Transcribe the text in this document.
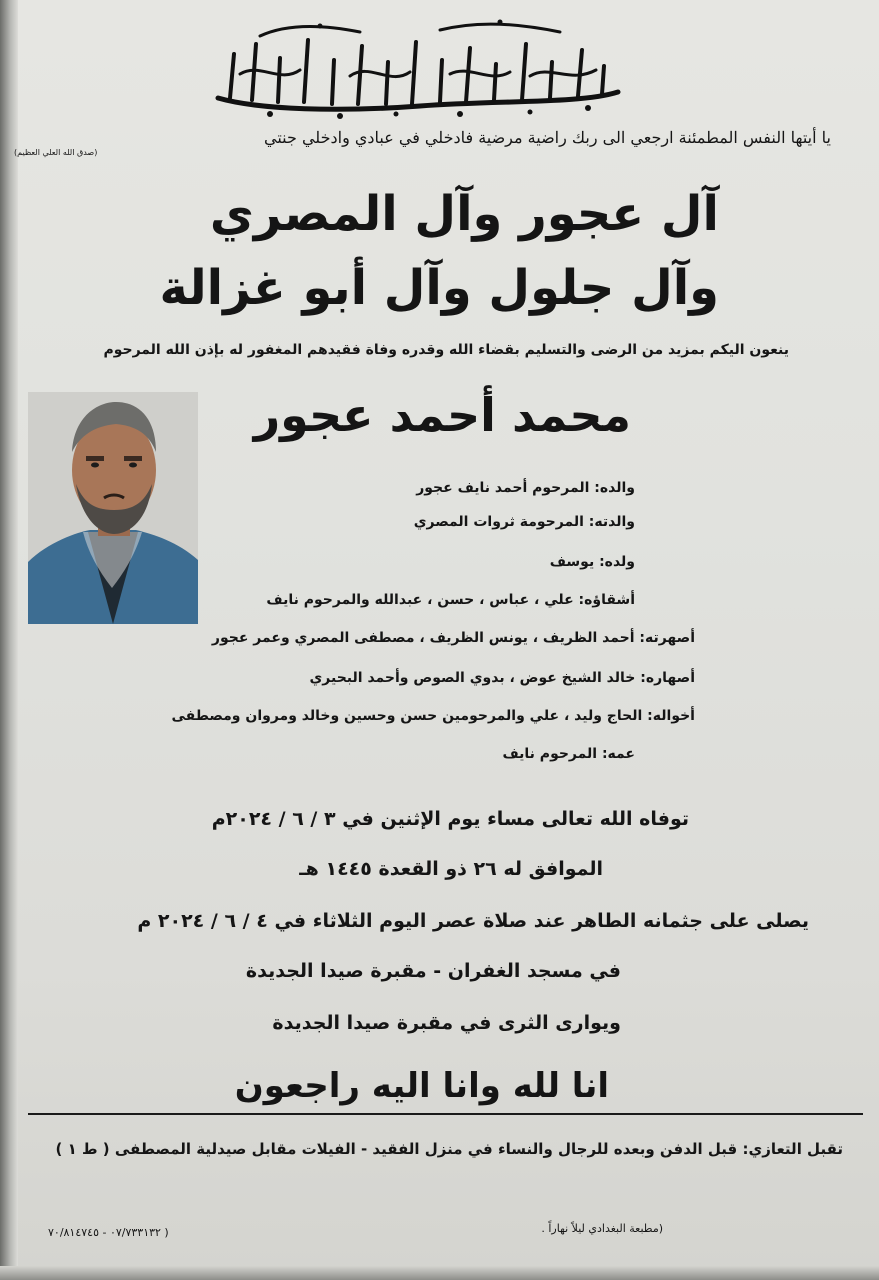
يا أيتها النفس المطمئنة ارجعي الى ربك راضية مرضية فادخلي في عبادي وادخلي جنتي
(صدق الله العلي العظيم)
آل عجور وآل المصري
وآل جلول وآل أبو غزالة
ينعون اليكم بمزيد من الرضى والتسليم بقضاء الله وقدره وفاة فقيدهم المغفور له بإذن الله المرحوم
محمد أحمد عجور
والده: المرحوم أحمد نايف عجور
والدته: المرحومة ثروات المصري
ولده: يوسف
أشقاؤه: علي ، عباس ، حسن ، عبدالله والمرحوم نايف
أصهرته: أحمد الظريف ، يونس الظريف ، مصطفى المصري وعمر عجور
أصهاره: خالد الشيخ عوض ، بدوي الصوص وأحمد البحيري
أخواله: الحاج وليد ، علي والمرحومين حسن وحسين وخالد ومروان ومصطفى
عمه: المرحوم نايف
توفاه الله تعالى مساء يوم الإثنين في ٣ / ٦ / ٢٠٢٤م
الموافق له ٢٦ ذو القعدة ١٤٤٥ هـ
يصلى على جثمانه الطاهر عند صلاة عصر اليوم الثلاثاء في ٤ / ٦ / ٢٠٢٤ م
في مسجد الغفران - مقبرة صيدا الجديدة
ويوارى الثرى في مقبرة صيدا الجديدة
انا لله وانا اليه راجعون
تقبل التعازي: قبل الدفن وبعده للرجال والنساء في منزل الفقيد - الفيلات مقابل صيدلية المصطفى ( ط ١ )
(مطبعة البغدادي ليلاً نهاراً .
٠٧/٧٣٣١٣٢ - ٧٠/٨١٤٧٤٥ )
